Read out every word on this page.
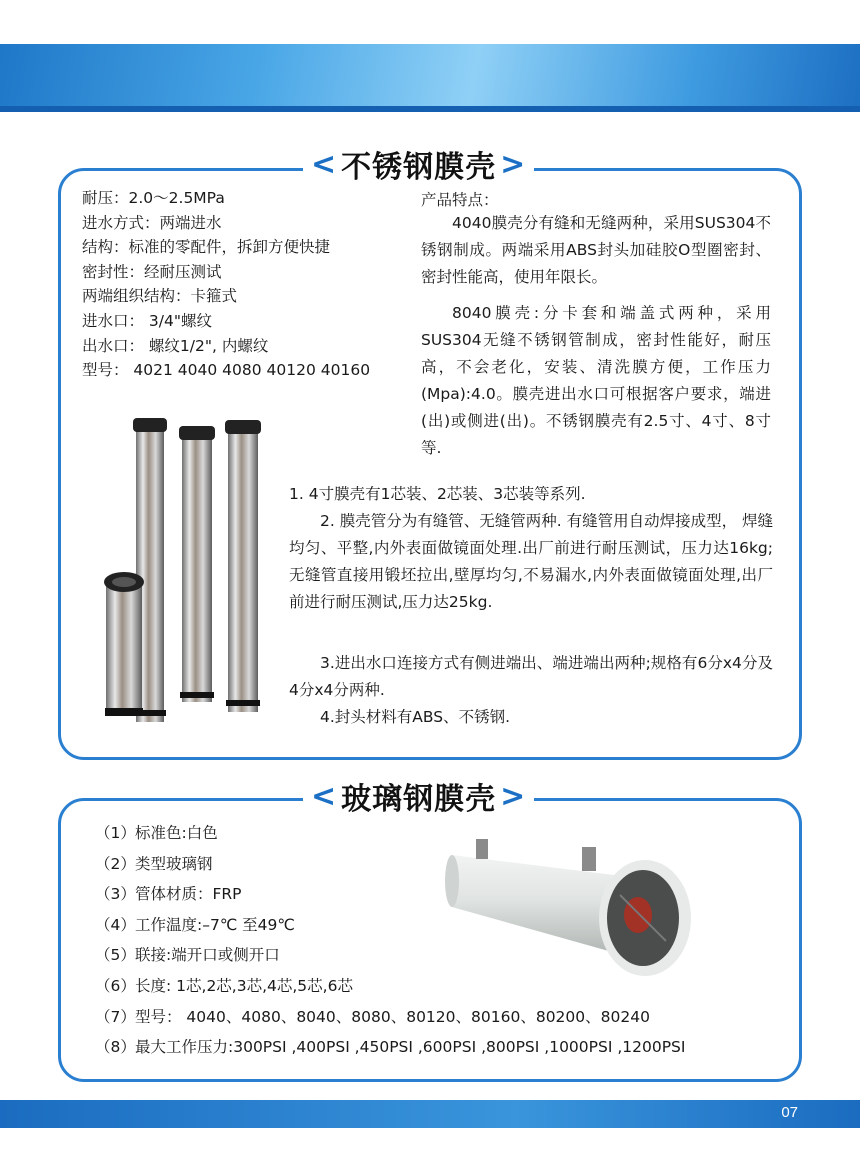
< 不锈钢膜壳 >
耐压：2.0～2.5MPa
进水方式：两端进水
结构：标准的零配件，拆卸方便快捷
密封性：经耐压测试
两端组织结构：卡箍式
进水口： 3/4"螺纹
出水口： 螺纹1/2", 内螺纹
型号： 4021 4040 4080 40120 40160
产品特点：

4040膜壳分有缝和无缝两种，采用SUS304不锈钢制成。两端采用ABS封头加硅胶O型圈密封、密封性能高，使用年限长。

8040膜壳:分卡套和端盖式两种，采用SUS304无缝不锈钢管制成，密封性能好，耐压高，不会老化，安装、清洗膜方便，工作压力(Mpa):4.0。膜壳进出水口可根据客户要求，端进(出)或侧进(出)。不锈钢膜壳有2.5寸、4寸、8寸等.

1. 4寸膜壳有1芯装、2芯装、3芯装等系列.

2. 膜壳管分为有缝管、无缝管两种. 有缝管用自动焊接成型， 焊缝均匀、平整,内外表面做镜面处理.出厂前进行耐压测试，压力达16kg; 无缝管直接用锻坯拉出,壁厚均匀,不易漏水,内外表面做镜面处理,出厂前进行耐压测试,压力达25kg.

3.进出水口连接方式有侧进端出、端进端出两种;规格有6分x4分及4分x4分两种.

4.封头材料有ABS、不锈钢.

< 玻璃钢膜壳 >
（1）标准色:白色
（2）类型玻璃钢
（3）管体材质：FRP
（4）工作温度:–7℃ 至49℃
（5）联接:端开口或侧开口
（6）长度: 1芯,2芯,3芯,4芯,5芯,6芯
（7）型号： 4040、4080、8040、8080、80120、80160、80200、80240
（8）最大工作压力:300PSI ,400PSI ,450PSI ,600PSI ,800PSI ,1000PSI ,1200PSI
07
